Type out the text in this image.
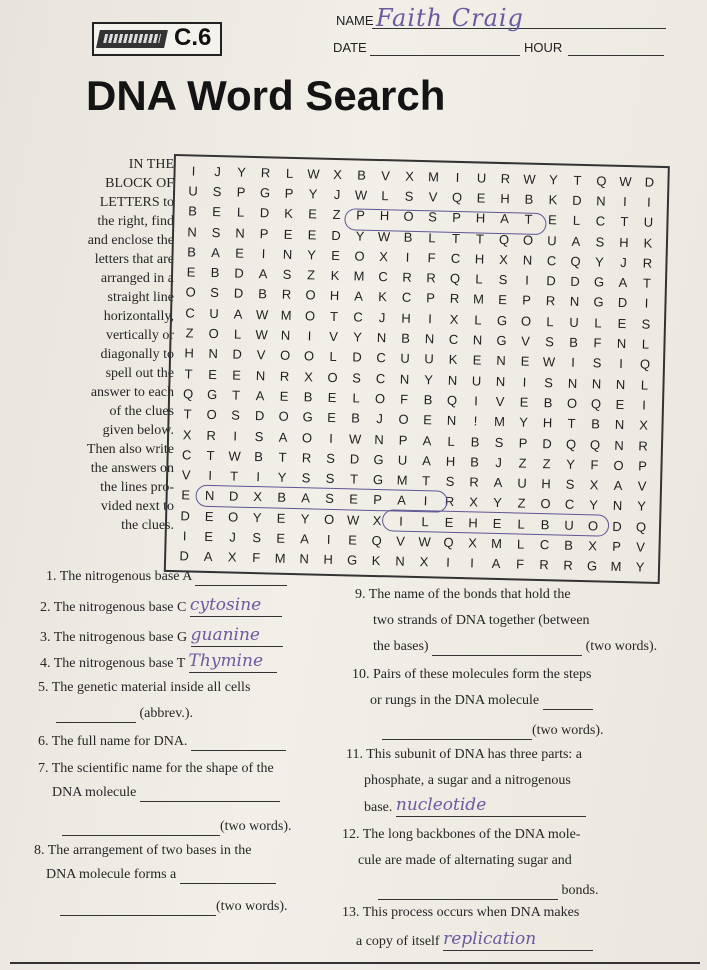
C.6
NAME Faith Craig
DATE	HOUR
DNA Word Search
IN THE
BLOCK OF
LETTERS to
the right, find
and enclose the
letters that are
arranged in a
straight line
horizontally,
vertically or
diagonally to
spell out the
answer to each
of the clues
given below.
Then also write
the answers on
the lines pro-
vided next to
the clues.
I	J	Y	R	L	W	X	B	V	X	M	I	U	R W	Y	T	Q W D
U	S	P	G	P	Y	J	W	L	S	V	Q	E	H	B	K	D	N	I	I
B	E	L	D	K	E	Z	P	H	O	S	P	H	A	T	E	L	C	T	U
N	S	N	P	E	E	D	Y	W	B	L	T	T	Q	O	U	A	S	H	K
B	A	E	I	N	Y	E	O	X	I	F	C	H	X	N	C	Q	Y	J	R
E	B	D	A	S	Z	K	M	C	R	R	Q	L	S	I	D	D	G	A	T
O	S	D	B	R	O	H	A	K	C	P	R	M	E	P	R	N	G	D	I
C	U	A	W M	O	T	C	J	H	I	X	L	G	O	L	U	L	E	S
Z	O	L	W N	I	V	Y	N	B	N	C	N	G	V	S	B	F	N	L
H	N	D	V	O	O	L	D	C	U	U	K	E	N	E	W	I	S	I	Q
T	E	E	N	R	X	O	S	C	N	Y	N	U	N	I	S	N	N	N	L
Q	G	T	A	E	B	E	L	O	F	B	Q	I	V	E	B	O	Q	E	I
T	O	S	D	O	G	E	B	J	O	E	N	!	M	Y	H	T	B	N	X
X	R	I	S	A	O	I	W N	P	A	L	B	S	P	D	Q	Q	N	R
C	T	W	B	T	R	S	D	G	U	A	H	B	J	Z	Z	Y	F	O	P
V	I	T	I	Y	S	S	T	G	M	T	S	R	A	U	H	S	X	A	V
E	N	D	X	B	A	S	E	P	A	I	R	X	Y	Z	O	C	Y	N	Y
D	E	O	Y	E	Y	O W	X	I	L	E	H	E	L	B	U	O	D	Q
I	E	J	S	E	A	I	E	Q	V	W Q	X	M	L	C	B	X	P	V
D	A	X	F	M	N	H	G	K	N	X	I	I	A	F	R	R	G	M	Y
1. The nitrogenous base A
2. The nitrogenous base C cytosine
3. The nitrogenous base G guanine
4. The nitrogenous base T Thymine
5. The genetic material inside all cells
(abbrev.).
6. The full name for DNA.
7. The scientific name for the shape of the
DNA molecule
(two words).
8. The arrangement of two bases in the
DNA molecule forms a
(two words).
9. The name of the bonds that hold the
two strands of DNA together (between
the bases)	(two words).
10. Pairs of these molecules form the steps
or rungs in the DNA molecule
(two words).
11. This subunit of DNA has three parts: a
phosphate, a sugar and a nitrogenous
base. nucleotide
12. The long backbones of the DNA mole-
cule are made of alternating sugar and
bonds.
13. This process occurs when DNA makes
a copy of itself replication
